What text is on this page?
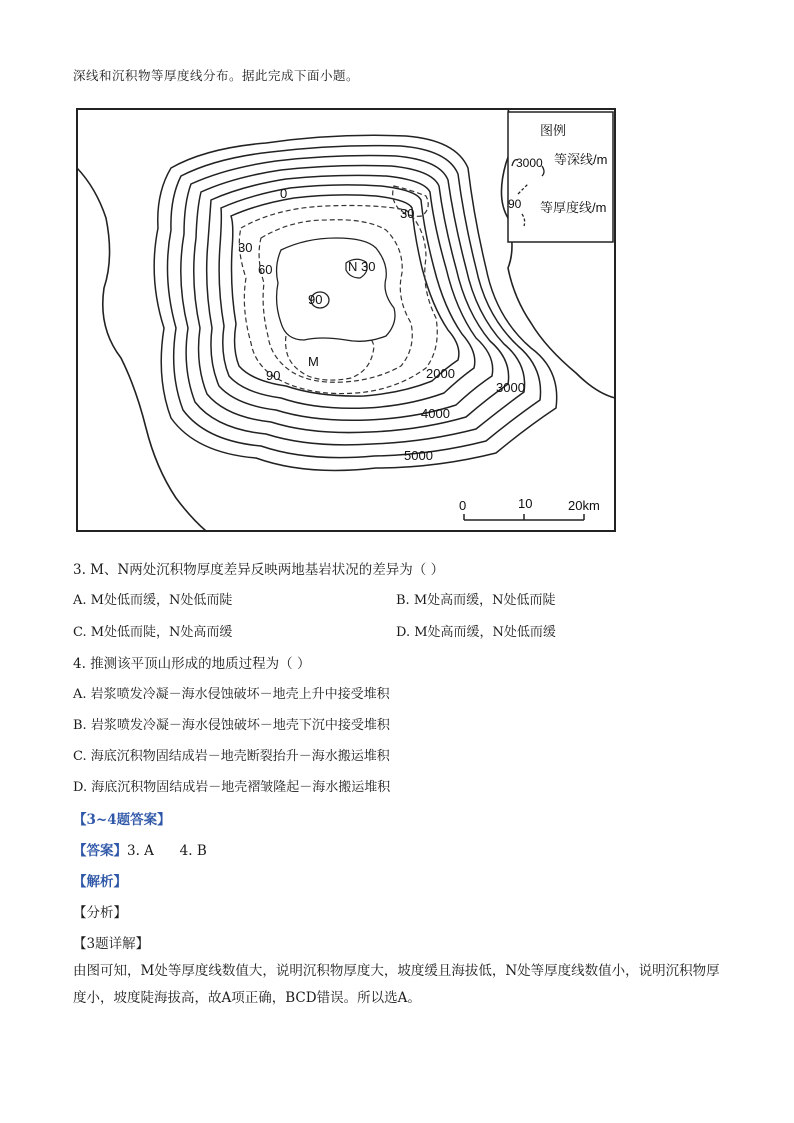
深线和沉积物等厚度线分布。据此完成下面小题。
0
30
30
60	N 30
90
M
90	2000
3000
4000
5000
图例
3000 等深线/m
90 等厚度线/m
0	10	20km
3. M、N两处沉积物厚度差异反映两地基岩状况的差异为（ ）
A. M处低而缓，N处低而陡	B. M处高而缓，N处低而陡
C. M处低而陡，N处高而缓	D. M处高而缓，N处低而缓
4. 推测该平顶山形成的地质过程为（ ）
A. 岩浆喷发冷凝－海水侵蚀破坏－地壳上升中接受堆积
B. 岩浆喷发冷凝－海水侵蚀破坏－地壳下沉中接受堆积
C. 海底沉积物固结成岩－地壳断裂抬升－海水搬运堆积
D. 海底沉积物固结成岩－地壳褶皱隆起－海水搬运堆积
【3~4题答案】
【答案】3. A      4. B
【解析】
【分析】
【3题详解】
由图可知，M处等厚度线数值大，说明沉积物厚度大，坡度缓且海拔低，N处等厚度线数值小，说明沉积物厚度小，坡度陡海拔高，故A项正确，BCD错误。所以选A。
